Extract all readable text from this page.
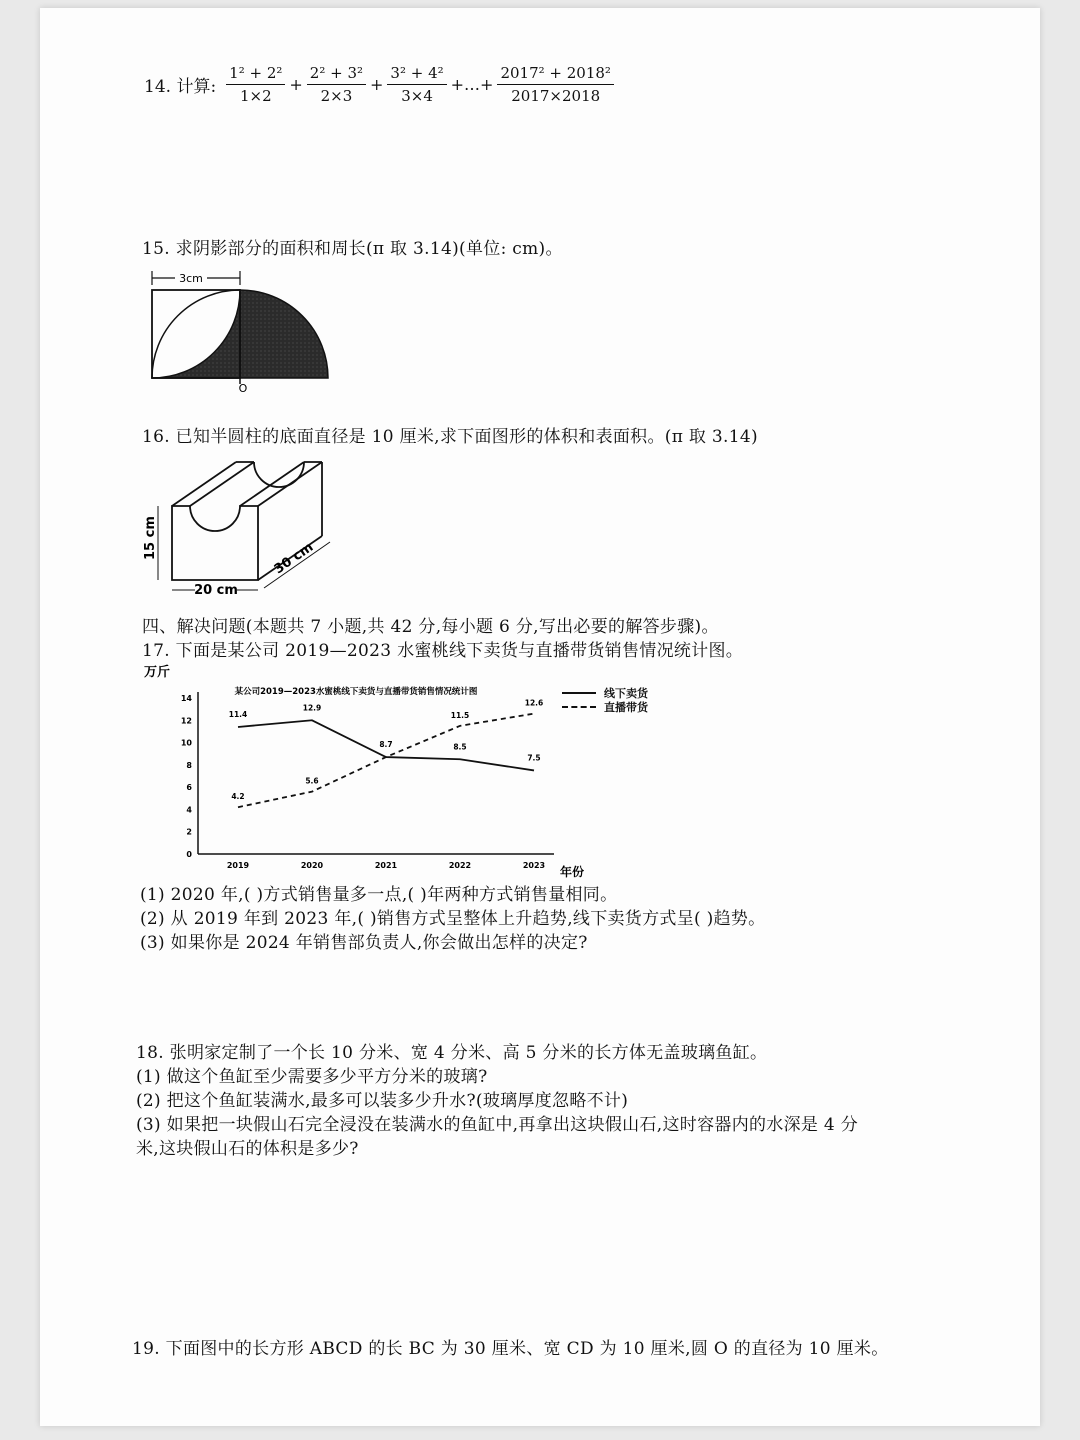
14. 计算: $\frac{\text{1² + 2²}}{1\times 2} + \frac{\text{2² + 3²}}{2\times 3} + \frac{\text{3² + 4²}}{3\times 4}$ +…+ $\frac{\text{2017² + 2018²}}{2017\times 2018}$
15. 求阴影部分的面积和周长(π 取 3.14)(单位: cm)。
3cm
O
16. 已知半圆柱的底面直径是 10 厘米,求下面图形的体积和表面积。(π 取 3.14)
15 cm
20 cm
30 cm
四、解决问题(本题共 7 小题,共 42 分,每小题 6 分,写出必要的解答步骤)。
17. 下面是某公司 2019—2023 水蜜桃线下卖货与直播带货销售情况统计图。
万斤
0
2
4
6
8
10
12
14
2019	2020	2021	2022	2023 年份
某公司2019—2023水蜜桃线下卖货与直播带货销售情况统计图
11.4
12.9
8.7	8.5
7.5
4.2
5.6
11.5
12.6
线下卖货
直播带货
(1) 2020 年,( )方式销售量多一点,( )年两种方式销售量相同。
(2) 从 2019 年到 2023 年,( )销售方式呈整体上升趋势,线下卖货方式呈( )趋势。
(3) 如果你是 2024 年销售部负责人,你会做出怎样的决定?
18. 张明家定制了一个长 10 分米、宽 4 分米、高 5 分米的长方体无盖玻璃鱼缸。
(1) 做这个鱼缸至少需要多少平方分米的玻璃?
(2) 把这个鱼缸装满水,最多可以装多少升水?(玻璃厚度忽略不计)
(3) 如果把一块假山石完全浸没在装满水的鱼缸中,再拿出这块假山石,这时容器内的水深是 4 分
米,这块假山石的体积是多少?
19. 下面图中的长方形 ABCD 的长 BC 为 30 厘米、宽 CD 为 10 厘米,圆 O 的直径为 10 厘米。
